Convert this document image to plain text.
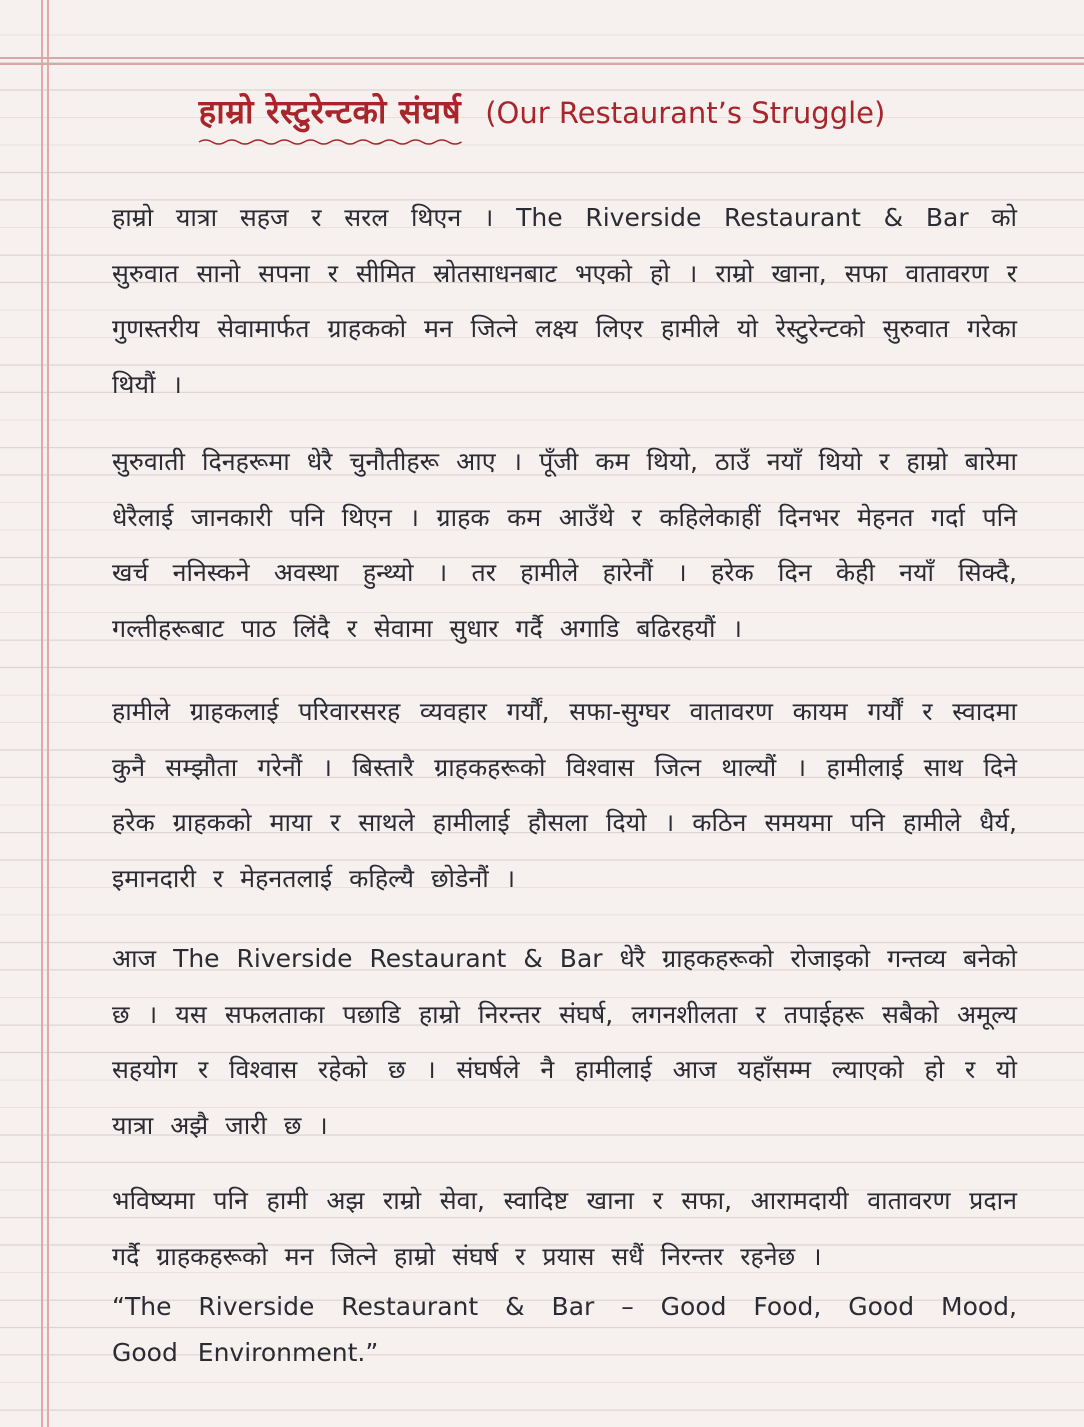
हाम्रो रेस्टुरेन्टको संघर्ष (Our Restaurant’s Struggle)

हाम्रो यात्रा सहज र सरल थिएन । The Riverside Restaurant & Bar को सुरुवात सानो सपना र सीमित स्रोतसाधनबाट भएको हो । राम्रो खाना, सफा वातावरण र गुणस्तरीय सेवामार्फत ग्राहकको मन जित्ने लक्ष्य लिएर हामीले यो रेस्टुरेन्टको सुरुवात गरेका थियौं ।

सुरुवाती दिनहरूमा धेरै चुनौतीहरू आए । पूँजी कम थियो, ठाउँ नयाँ थियो र हाम्रो बारेमा धेरैलाई जानकारी पनि थिएन । ग्राहक कम आउँथे र कहिलेकाहीं दिनभर मेहनत गर्दा पनि खर्च ननिस्कने अवस्था हुन्थ्यो । तर हामीले हारेनौं । हरेक दिन केही नयाँ सिक्दै, गल्तीहरूबाट पाठ लिंदै र सेवामा सुधार गर्दै अगाडि बढिरहयौं ।

हामीले ग्राहकलाई परिवारसरह व्यवहार गर्यौं, सफा-सुग्घर वातावरण कायम गर्यौं र स्वादमा कुनै सम्झौता गरेनौं । बिस्तारै ग्राहकहरूको विश्वास जित्न थाल्यौं । हामीलाई साथ दिने हरेक ग्राहकको माया र साथले हामीलाई हौसला दियो । कठिन समयमा पनि हामीले धैर्य, इमानदारी र मेहनतलाई कहिल्यै छोडेनौं ।

आज The Riverside Restaurant & Bar धेरै ग्राहकहरूको रोजाइको गन्तव्य बनेको छ । यस सफलताका पछाडि हाम्रो निरन्तर संघर्ष, लगनशीलता र तपाईहरू सबैको अमूल्य सहयोग र विश्वास रहेको छ । संघर्षले नै हामीलाई आज यहाँसम्म ल्याएको हो र यो यात्रा अझै जारी छ ।

भविष्यमा पनि हामी अझ राम्रो सेवा, स्वादिष्ट खाना र सफा, आरामदायी वातावरण प्रदान गर्दै ग्राहकहरूको मन जित्ने हाम्रो संघर्ष र प्रयास सधैं निरन्तर रहनेछ ।

“The Riverside Restaurant & Bar – Good Food, Good Mood, Good Environment.”
